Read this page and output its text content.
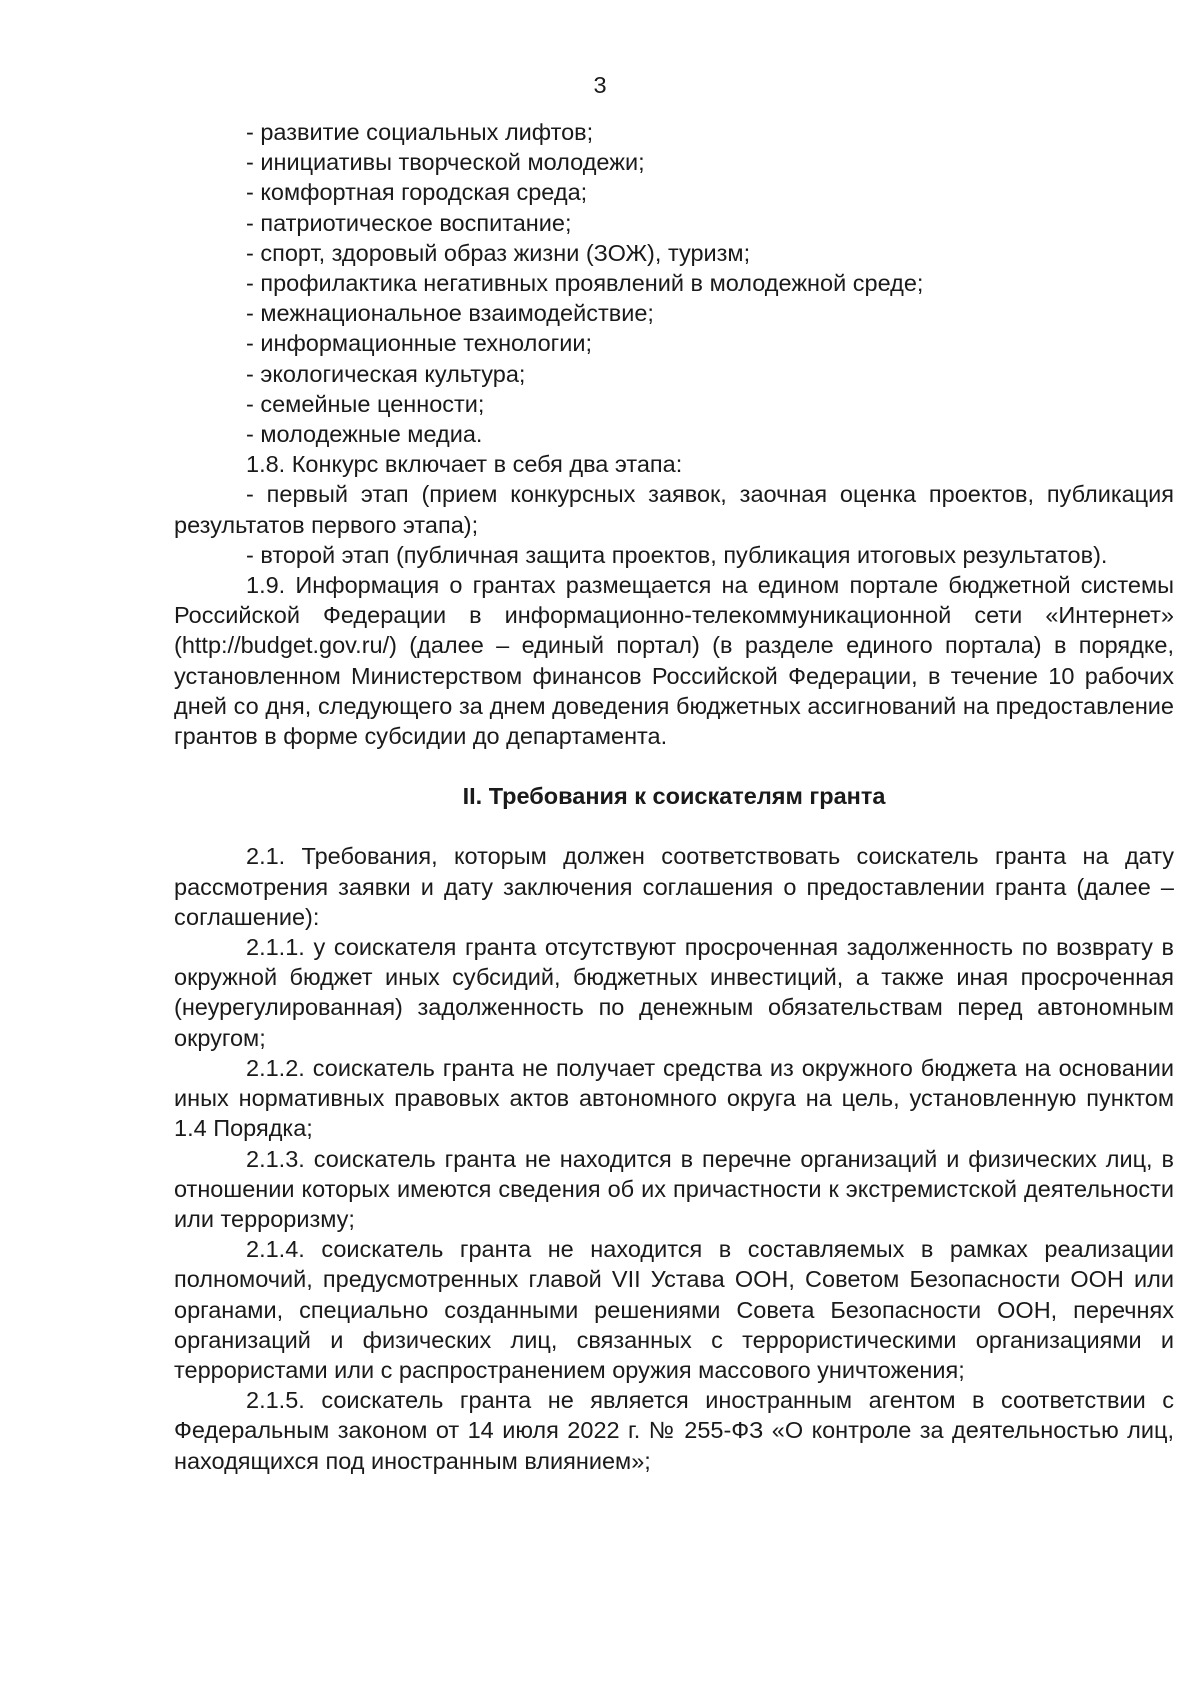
3

- развитие социальных лифтов;

- инициативы творческой молодежи;

- комфортная городская среда;

- патриотическое воспитание;

- спорт, здоровый образ жизни (ЗОЖ), туризм;

- профилактика негативных проявлений в молодежной среде;

- межнациональное взаимодействие;

- информационные технологии;

- экологическая культура;

- семейные ценности;

- молодежные медиа.

1.8. Конкурс включает в себя два этапа:

- первый этап (прием конкурсных заявок, заочная оценка проектов, публикация результатов первого этапа);

- второй этап (публичная защита проектов, публикация итоговых результатов).

1.9. Информация о грантах размещается на едином портале бюджетной системы Российской Федерации в информационно-телекоммуникационной сети «Интернет» (http://budget.gov.ru/) (далее – единый портал) (в разделе единого портала) в порядке, установленном Министерством финансов Российской Федерации, в течение 10 рабочих дней со дня, следующего за днем доведения бюджетных ассигнований на предоставление грантов в форме субсидии до департамента.

II. Требования к соискателям гранта

2.1. Требования, которым должен соответствовать соискатель гранта на дату рассмотрения заявки и дату заключения соглашения о предоставлении гранта (далее – соглашение):

2.1.1. у соискателя гранта отсутствуют просроченная задолженность по возврату в окружной бюджет иных субсидий, бюджетных инвестиций, а также иная просроченная (неурегулированная) задолженность по денежным обязательствам перед автономным округом;

2.1.2. соискатель гранта не получает средства из окружного бюджета на основании иных нормативных правовых актов автономного округа на цель, установленную пунктом 1.4 Порядка;

2.1.3. соискатель гранта не находится в перечне организаций и физических лиц, в отношении которых имеются сведения об их причастности к экстремистской деятельности или терроризму;

2.1.4. соискатель гранта не находится в составляемых в рамках реализации полномочий, предусмотренных главой VII Устава ООН, Советом Безопасности ООН или органами, специально созданными решениями Совета Безопасности ООН, перечнях организаций и физических лиц, связанных с террористическими организациями и террористами или с распространением оружия массового уничтожения;

2.1.5. соискатель гранта не является иностранным агентом в соответствии с Федеральным законом от 14 июля 2022 г. № 255-ФЗ «О контроле за деятельностью лиц, находящихся под иностранным влиянием»;
